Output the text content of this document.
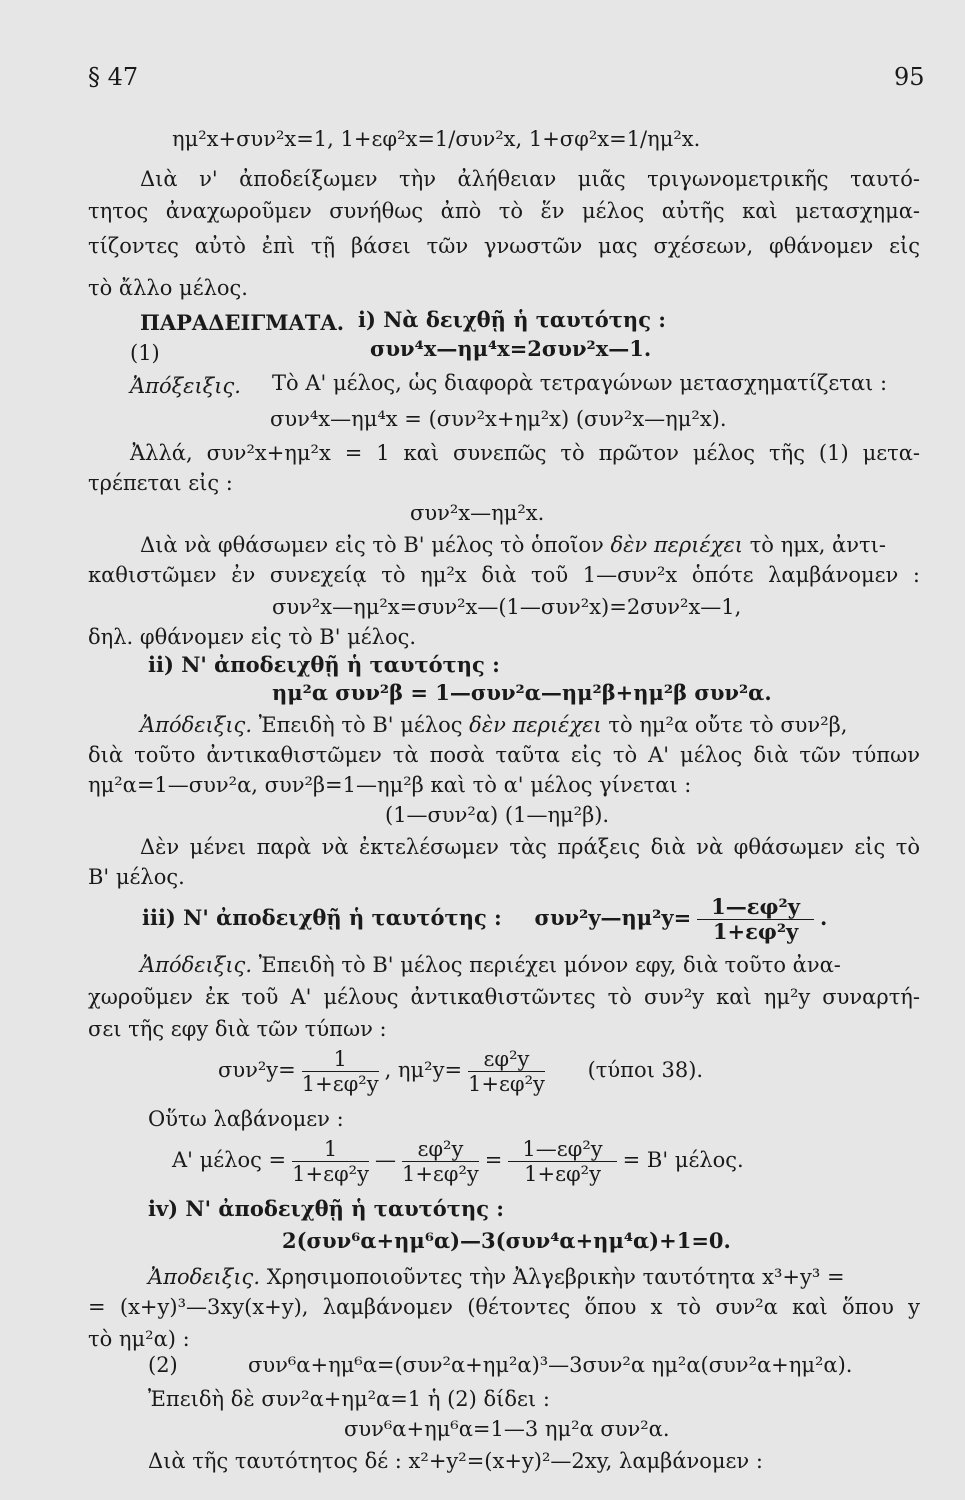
§ 47	95
ημ²x+συν²x=1, 1+εφ²x=1/συν²x, 1+σφ²x=1/ημ²x.
Διὰ ν' ἀποδείξωμεν τὴν ἀλήθειαν μιᾶς τριγωνομετρικῆς ταυτό-
τητος ἀναχωροῦμεν συνήθως ἀπὸ τὸ ἕν μέλος αὐτῆς καὶ μετασχημα-
τίζοντες αὐτὸ ἐπὶ τῇ βάσει τῶν γνωστῶν μας σχέσεων, φθάνομεν εἰς
τὸ ἄλλο μέλος.
ΠΑΡΑΔΕΙΓΜΑΤΑ. i) Νὰ δειχθῇ ἡ ταυτότης :
(1)	συν⁴x—ημ⁴x=2συν²x—1.
Ἀπόξειξις. Τὸ Α' μέλος, ὡς διαφορὰ τετραγώνων μετασχηματίζεται :
συν⁴x—ημ⁴x = (συν²x+ημ²x) (συν²x—ημ²x).
Ἀλλά, συν²x+ημ²x = 1 καὶ συνεπῶς τὸ πρῶτον μέλος τῆς (1) μετα-
τρέπεται εἰς :
συν²x—ημ²x.
Διὰ νὰ φθάσωμεν εἰς τὸ Β' μέλος τὸ ὁποῖον δὲν περιέχει τὸ ημx, ἀντι-
καθιστῶμεν ἐν συνεχείᾳ τὸ ημ²x διὰ τοῦ 1—συν²x ὁπότε λαμβάνομεν :
συν²x—ημ²x=συν²x—(1—συν²x)=2συν²x—1,
δηλ. φθάνομεν εἰς τὸ Β' μέλος.
ii) Ν' ἀποδειχθῇ ἡ ταυτότης :
ημ²α συν²β = 1—συν²α—ημ²β+ημ²β συν²α.
Ἀπόδειξις. Ἐπειδὴ τὸ Β' μέλος δὲν περιέχει τὸ ημ²α οὔτε τὸ συν²β,
διὰ τοῦτο ἀντικαθιστῶμεν τὰ ποσὰ ταῦτα εἰς τὸ Α' μέλος διὰ τῶν τύπων
ημ²α=1—συν²α, συν²β=1—ημ²β καὶ τὸ α' μέλος γίνεται :
(1—συν²α) (1—ημ²β).
Δὲν μένει παρὰ νὰ ἐκτελέσωμεν τὰς πράξεις διὰ νὰ φθάσωμεν εἰς τὸ
Β' μέλος.
iii) Ν' ἀποδειχθῇ ἡ ταυτότης : συν²y—ημ²y= $\frac{\text{1—εφ²y}}{\text{1+εφ²y}}$ .
Ἀπόδειξις. Ἐπειδὴ τὸ Β' μέλος περιέχει μόνον εφy, διὰ τοῦτο ἀνα-
χωροῦμεν ἐκ τοῦ Α' μέλους ἀντικαθιστῶντες τὸ συν²y καὶ ημ²y συναρτή-
σει τῆς εφy διὰ τῶν τύπων :
$\sigma\upsilon\nu^2y= \frac{1}{\text{1+εφ²y}}$ , $\eta\mu^2y= \frac{\text{εφ²y}}{\text{1+εφ²y}} (\tau ύ\pi o\iota$ 38).
Οὕτω λαβάνομεν :
Α' $\mu έ\lambda o\varsigma = \frac{1}{\text{1+εφ²y}}$ — $\frac{\text{εφ²y}}{\text{1+εφ²y}} = \frac{\text{1—εφ²y}}{\text{1+εφ²y}} = B'$ μέλος.
iv) Ν' ἀποδειχθῇ ἡ ταυτότης :
2(συν⁶α+ημ⁶α)—3(συν⁴α+ημ⁴α)+1=0.
Ἀποδειξις. Χρησιμοποιοῦντες τὴν Ἀλγεβρικὴν ταυτότητα x³+y³ =
= (x+y)³—3xy(x+y), λαμβάνομεν (θέτοντες ὅπου x τὸ συν²α καὶ ὅπου y
τὸ ημ²α) :
(2)	συν⁶α+ημ⁶α=(συν²α+ημ²α)³—3συν²α ημ²α(συν²α+ημ²α).
Ἐπειδὴ δὲ συν²α+ημ²α=1 ἡ (2) δίδει :
συν⁶α+ημ⁶α=1—3 ημ²α συν²α.
Διὰ τῆς ταυτότητος δέ : x²+y²=(x+y)²—2xy, λαμβάνομεν :
